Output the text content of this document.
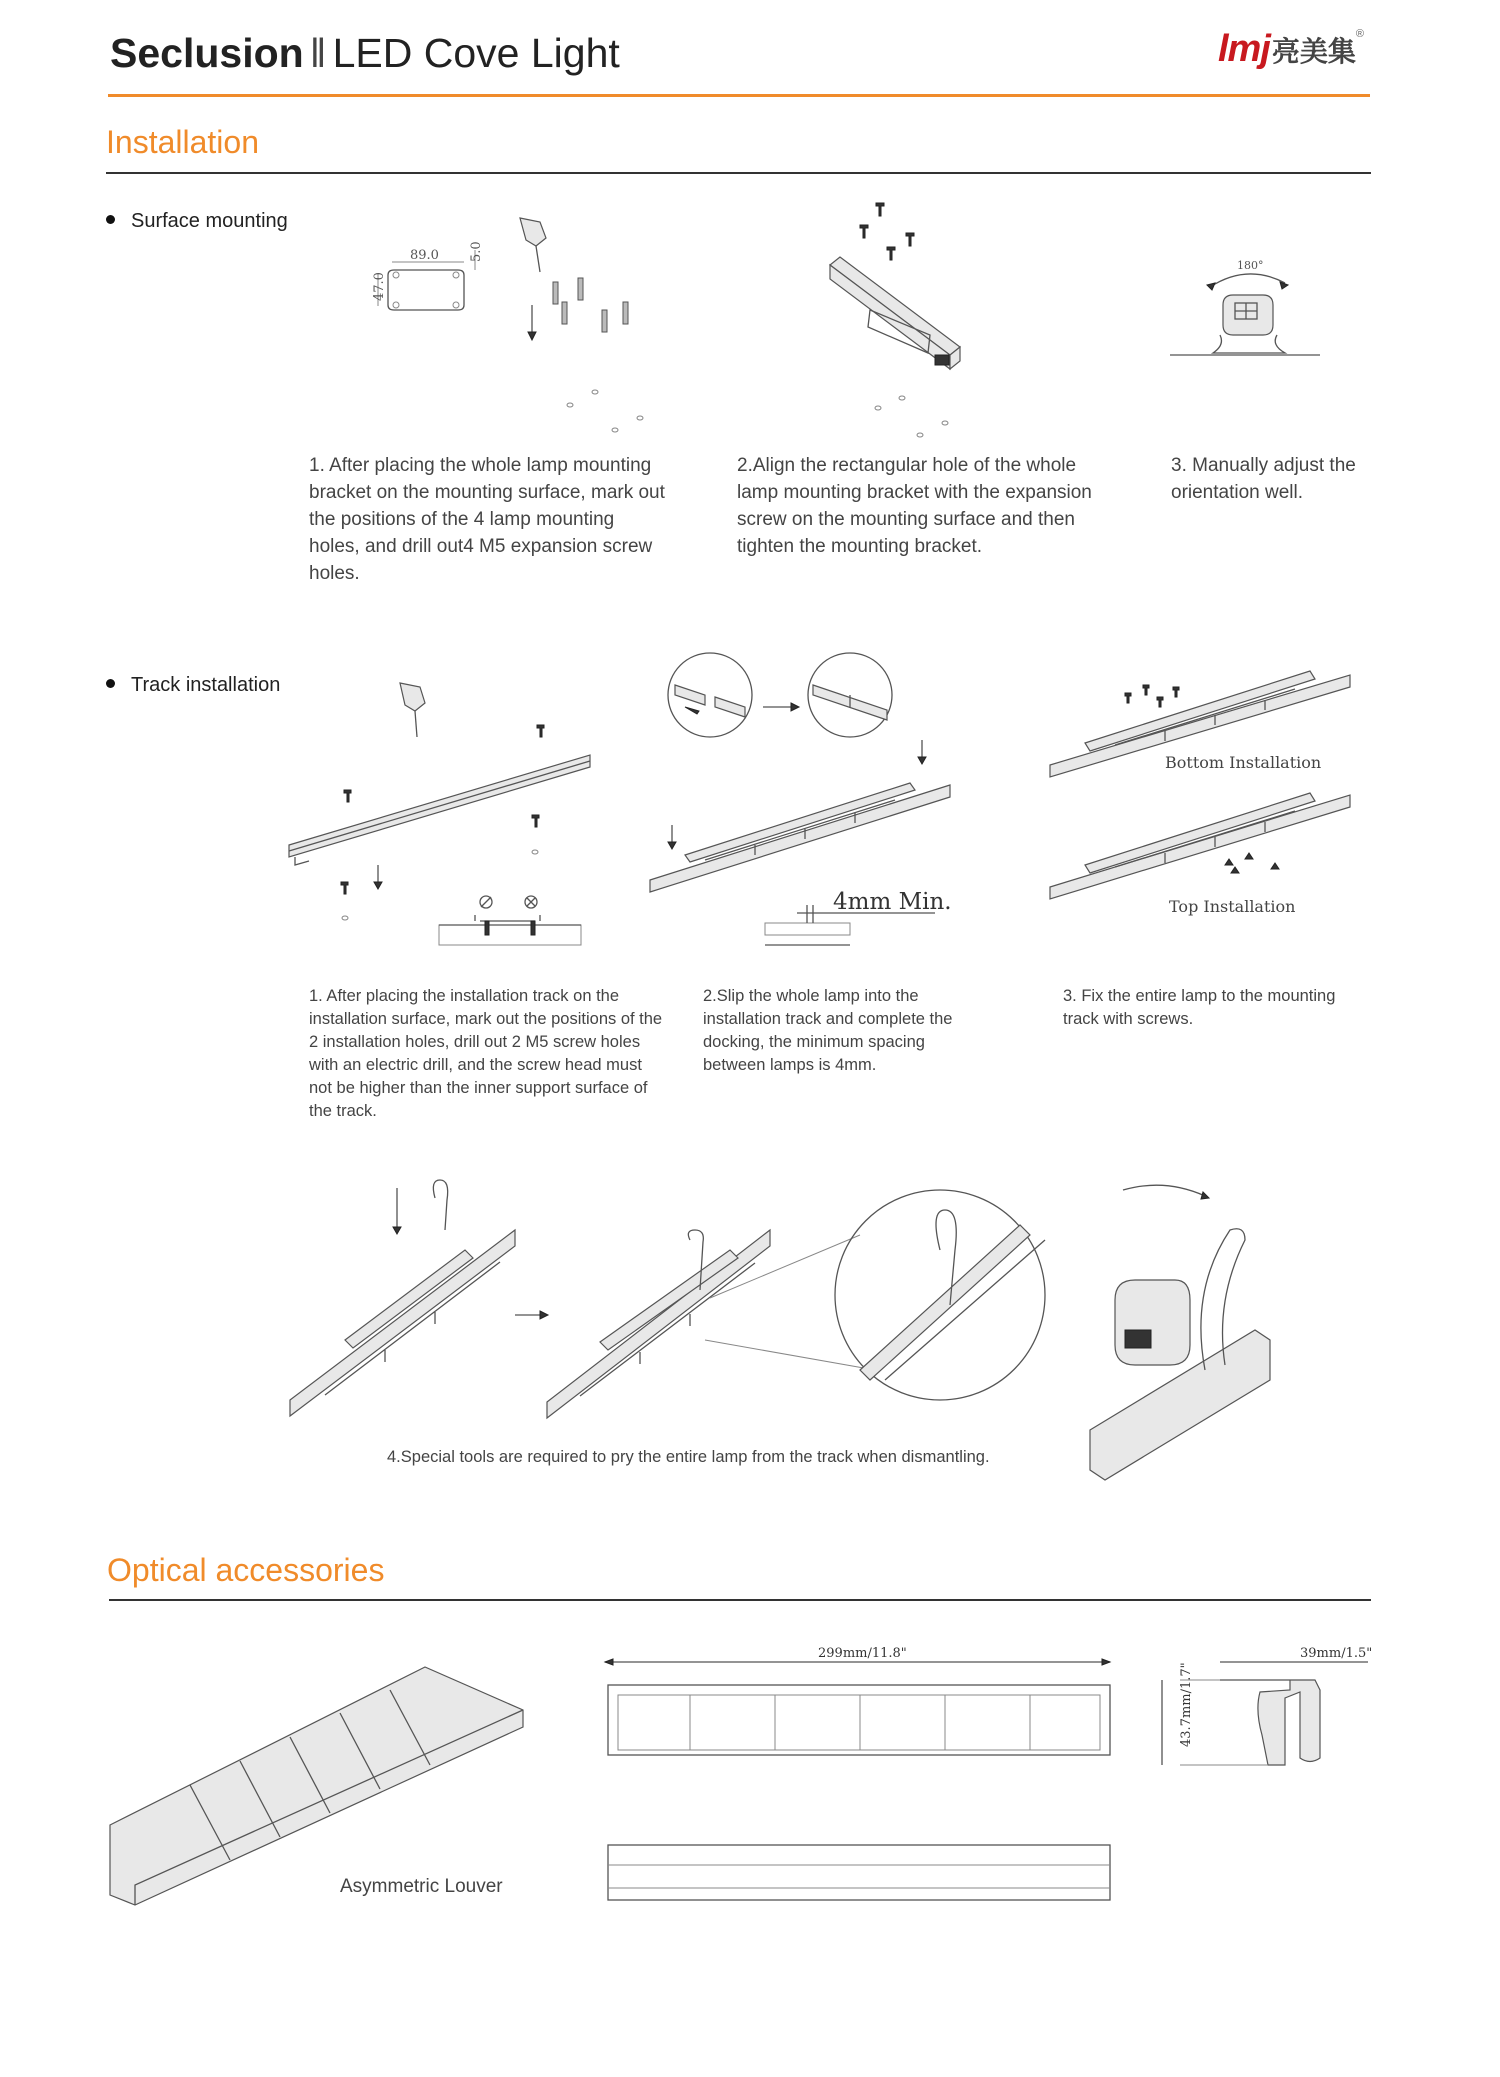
Seclusion ‖ LED Cove Light	lmj亮美集®
Installation
Surface mounting
89.0
47.0
5.0
180°
1. After placing the whole lamp mounting bracket on the mounting surface, mark out the positions of the 4 lamp mounting holes, and drill out4 M5 expansion screw holes.
2.Align the rectangular hole of the whole lamp mounting bracket with the expansion screw on the mounting surface and then tighten the mounting bracket.
3. Manually adjust the orientation well.
Track installation
4mm Min.
Bottom Installation
Top Installation
1. After placing the installation track on the installation surface, mark out the positions of the 2 installation holes, drill out 2 M5 screw holes with an electric drill, and the screw head must not be higher than the inner support surface of the track.
2.Slip the whole lamp into the installation track and complete the docking, the minimum spacing between lamps is 4mm.
3. Fix the entire lamp to the mounting track with screws.
4.Special tools are required to pry the entire lamp from the track when dismantling.
Optical accessories
Asymmetric Louver
299mm/11.8"	39mm/1.5"
43.7mm/1.7"
